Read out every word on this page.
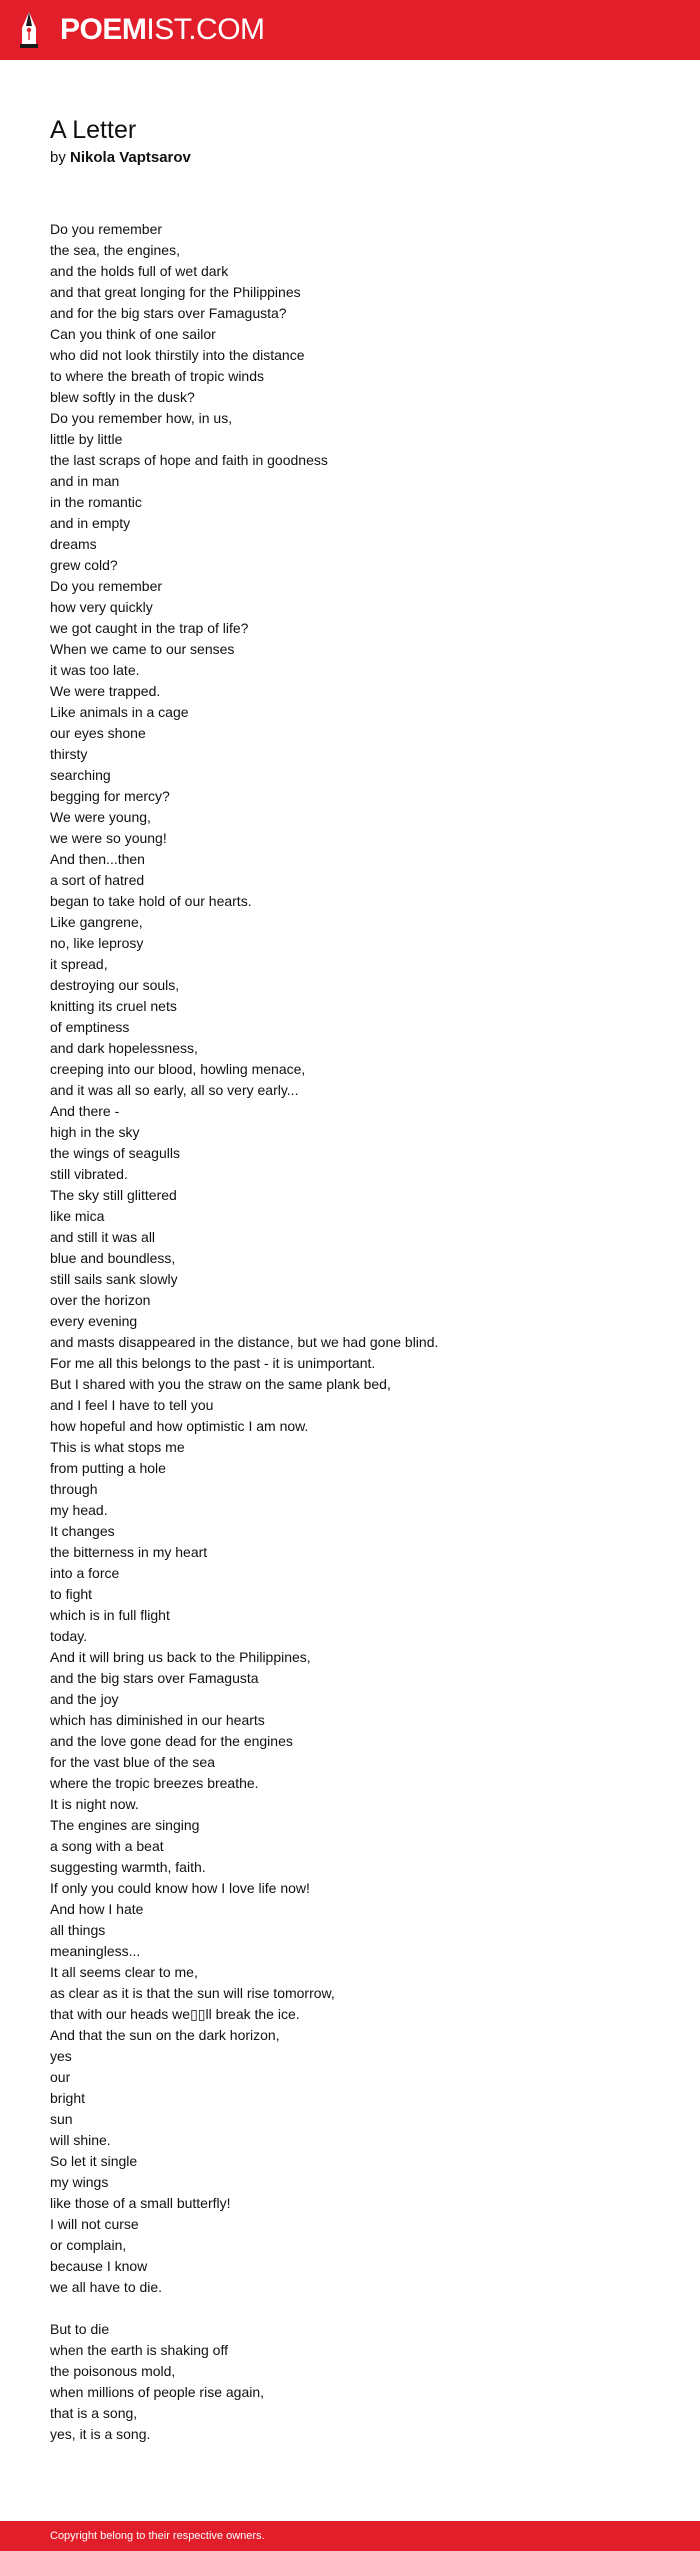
POEMIST.COM
A Letter
by Nikola Vaptsarov
Do you remember
the sea, the engines,
and the holds full of wet dark
and that great longing for the Philippines
and for the big stars over Famagusta?
Can you think of one sailor
who did not look thirstily into the distance
to where the breath of tropic winds
blew softly in the dusk?
Do you remember how, in us,
little by little
the last scraps of hope and faith in goodness
and in man
in the romantic
and in empty
dreams
grew cold?
Do you remember
how very quickly
we got caught in the trap of life?
When we came to our senses
it was too late.
We were trapped.
Like animals in a cage
our eyes shone
thirsty
searching
begging for mercy?
We were young,
we were so young!
And then...then
a sort of hatred
began to take hold of our hearts.
Like gangrene,
no, like leprosy
it spread,
destroying our souls,
knitting its cruel nets
of emptiness
and dark hopelessness,
creeping into our blood, howling menace,
and it was all so early, all so very early...
And there -
high in the sky
the wings of seagulls
still vibrated.
The sky still glittered
like mica
and still it was all
blue and boundless,
still sails sank slowly
over the horizon
every evening
and masts disappeared in the distance, but we had gone blind.
For me all this belongs to the past - it is unimportant.
But I shared with you the straw on the same plank bed,
and I feel I have to tell you
how hopeful and how optimistic I am now.
This is what stops me
from putting a hole
through
my head.
It changes
the bitterness in my heart
into a force
to fight
which is in full flight
today.
And it will bring us back to the Philippines,
and the big stars over Famagusta
and the joy
which has diminished in our hearts
and the love gone dead for the engines
for the vast blue of the sea
where the tropic breezes breathe.
It is night now.
The engines are singing
a song with a beat
suggesting warmth, faith.
If only you could know how I love life now!
And how I hate
all things
meaningless...
It all seems clear to me,
as clear as it is that the sun will rise tomorrow,
that with our heads we▯▯ll break the ice.
And that the sun on the dark horizon,
yes
our
bright
sun
will shine.
So let it single
my wings
like those of a small butterfly!
I will not curse
or complain,
because I know
we all have to die.
But to die
when the earth is shaking off
the poisonous mold,
when millions of people rise again,
that is a song,
yes, it is a song.
Copyright belong to their respective owners.
